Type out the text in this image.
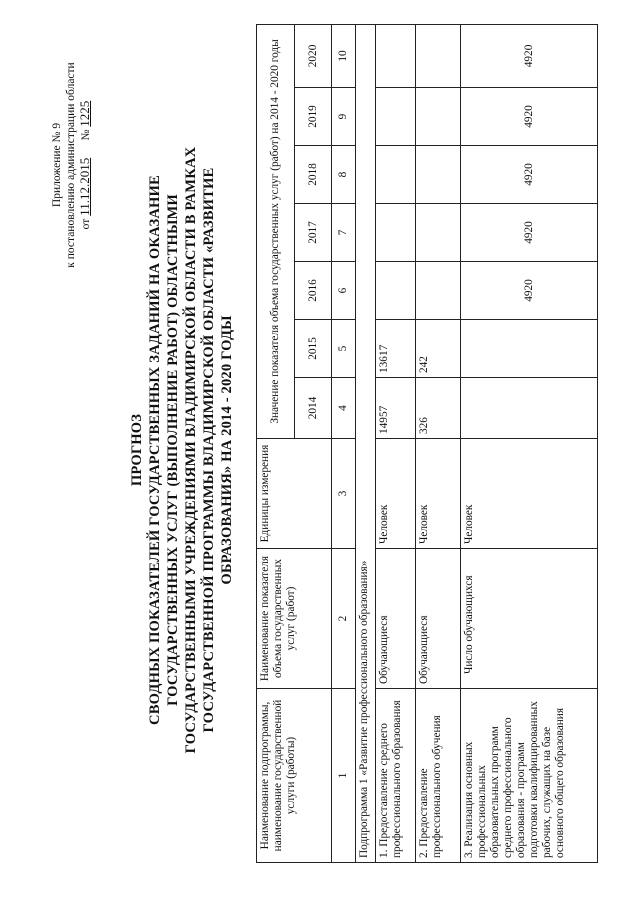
Приложение № 9 к постановлению администрации области от 11.12.2015      № 1225
ПРОГНОЗ СВОДНЫХ ПОКАЗАТЕЛЕЙ ГОСУДАРСТВЕННЫХ ЗАДАНИЙ НА ОКАЗАНИЕ ГОСУДАРСТВЕННЫХ УСЛУГ (ВЫПОЛНЕНИЕ РАБОТ) ОБЛАСТНЫМИ ГОСУДАРСТВЕННЫМИ УЧРЕЖДЕНИЯМИ ВЛАДИМИРСКОЙ ОБЛАСТИ В РАМКАХ ГОСУДАРСТВЕННОЙ ПРОГРАММЫ ВЛАДИМИРСКОЙ ОБЛАСТИ «РАЗВИТИЕ ОБРАЗОВАНИЯ» НА 2014 - 2020 ГОДЫ
Наименование подпрограммы, наименование государственной услуги (работы)	Наименование показателя объема государственных услуг (работ)	Единицы измерения	Значение показателя объема государственных услуг (работ) на 2014 - 2020 годы						
			2014	2015	2016	2017	2018	2019	2020
1	2	3	4	5	6	7	8	9	10
Подпрограмма 1 «Развитие профессионального образования»									
1. Предоставление среднего профессионального образования	Обучающиеся	Человек	14957	13617					
2. Предоставление профессионального обучения	Обучающиеся	Человек	326	242					
3. Реализация основных профессиональных образовательных программ среднего профессионального образования - программ подготовки квалифицированных рабочих, служащих на базе основного общего образования	Число обучающихся	Человек			4920	4920	4920	4920	4920
